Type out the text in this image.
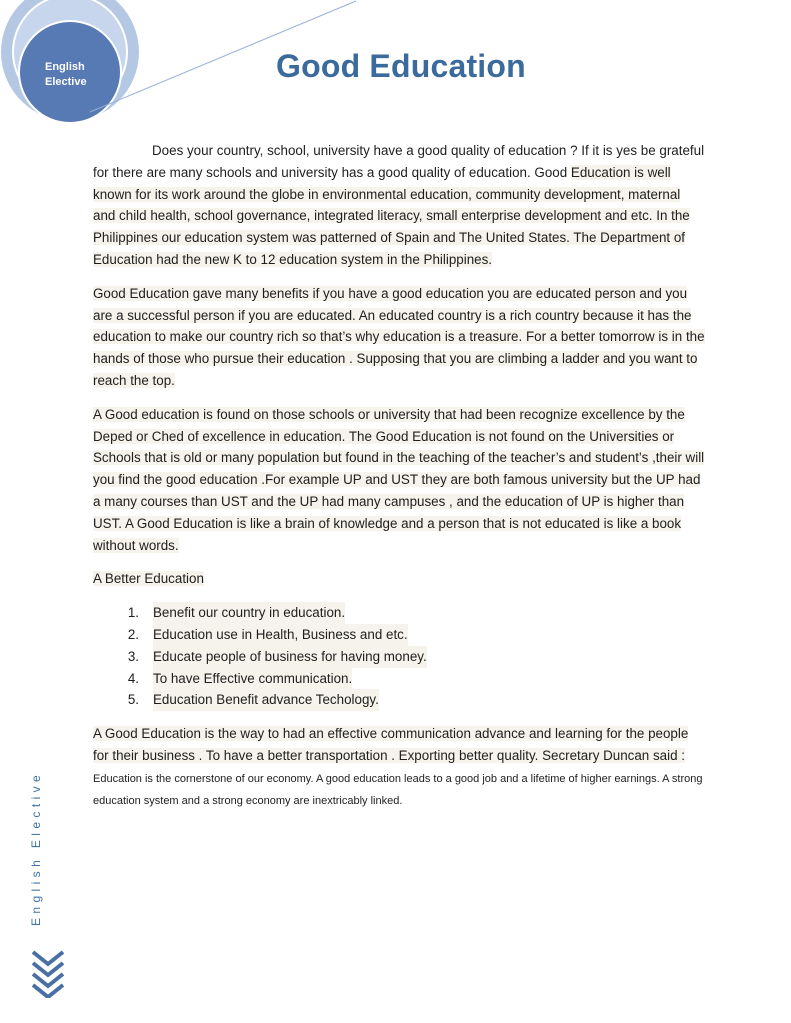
English
Elective	Good Education

Does your country, school, university have a good quality of education ? If it is yes be grateful for there are many schools and university has a good quality of education. Good Education is well known for its work around the globe in environmental education, community development, maternal and child health, school governance, integrated literacy, small enterprise development and etc. In the Philippines our education system was patterned of Spain and The United States. The Department of Education had the new K to 12 education system in the Philippines.

Good Education gave many benefits if you have a good education you are educated person and you are a successful person if you are educated. An educated country is a rich country because it has the education to make our country rich so that’s why education is a treasure. For a better tomorrow is in the hands of those who pursue their education . Supposing that you are climbing a ladder and you want to reach the top.

A Good education is found on those schools or university that had been recognize excellence by the Deped or Ched of excellence in education. The Good Education is not found on the Universities or Schools that is old or many population but found in the teaching of the teacher’s and student’s ,their will you find the good education .For example UP and UST they are both famous university but the UP had a many courses than UST and the UP had many campuses , and the education of UP is higher than UST. A Good Education is like a brain of knowledge and a person that is not educated is like a book without words.

A Better Education

1. Benefit our country in education.
2. Education use in Health, Business and etc.
3. Educate people of business for having money.
4. To have Effective communication.
5. Education Benefit advance Techology.

A Good Education is the way to had an effective communication advance and learning for the people for their business . To have a better transportation . Exporting better quality. Secretary Duncan said : Education is the cornerstone of our economy. A good education leads to a good job and a lifetime of higher earnings. A strong education system and a strong economy are inextricably linked.

English Elective
